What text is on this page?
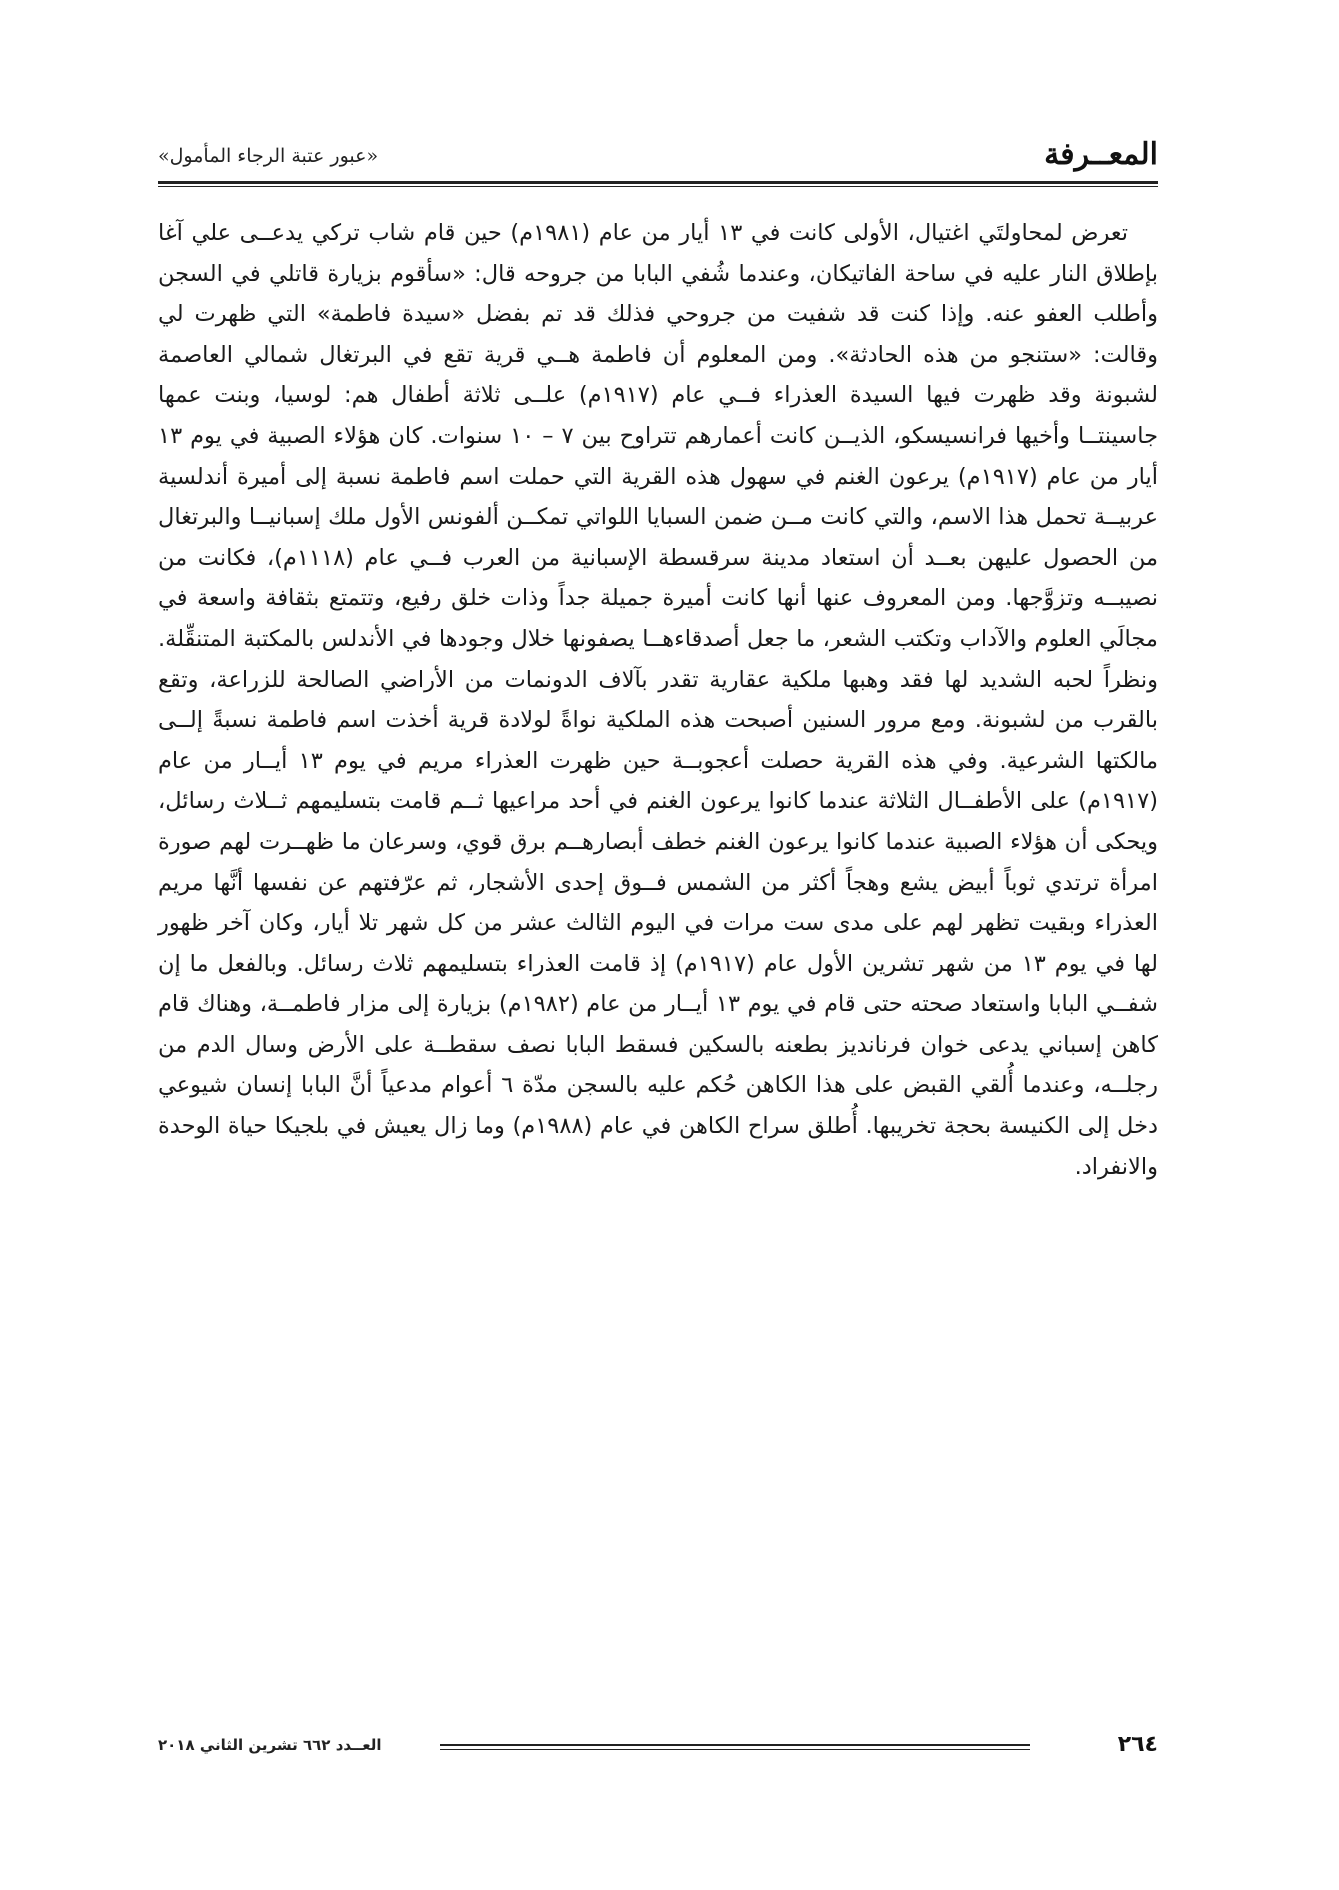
المعــرفة
«عبور عتبة الرجاء المأمول»

تعرض لمحاولتَي اغتيال، الأولى كانت في ١٣ أيار من عام (١٩٨١م) حين قام شاب تركي يدعــى علي آغا بإطلاق النار عليه في ساحة الفاتيكان، وعندما شُفي البابا من جروحه قال: «سأقوم بزيارة قاتلي في السجن وأطلب العفو عنه. وإذا كنت قد شفيت من جروحي فذلك قد تم بفضل «سيدة فاطمة» التي ظهرت لي وقالت: «ستنجو من هذه الحادثة». ومن المعلوم أن فاطمة هــي قرية تقع في البرتغال شمالي العاصمة لشبونة وقد ظهرت فيها السيدة العذراء فــي عام (١٩١٧م) علــى ثلاثة أطفال هم: لوسيا، وبنت عمها جاسينتــا وأخيها فرانسيسكو، الذيــن كانت أعمارهم تتراوح بين ٧ – ١٠ سنوات. كان هؤلاء الصبية في يوم ١٣ أيار من عام (١٩١٧م) يرعون الغنم في سهول هذه القرية التي حملت اسم فاطمة نسبة إلى أميرة أندلسية عربيــة تحمل هذا الاسم، والتي كانت مــن ضمن السبايا اللواتي تمكــن ألفونس الأول ملك إسبانيــا والبرتغال من الحصول عليهن بعــد أن استعاد مدينة سرقسطة الإسبانية من العرب فــي عام (١١١٨م)، فكانت من نصيبــه وتزوَّجها. ومن المعروف عنها أنها كانت أميرة جميلة جداً وذات خلق رفيع، وتتمتع بثقافة واسعة في مجالَي العلوم والآداب وتكتب الشعر، ما جعل أصدقاءهــا يصفونها خلال وجودها في الأندلس بالمكتبة المتنقِّلة. ونظراً لحبه الشديد لها فقد وهبها ملكية عقارية تقدر بآلاف الدونمات من الأراضي الصالحة للزراعة، وتقع بالقرب من لشبونة. ومع مرور السنين أصبحت هذه الملكية نواةً لولادة قرية أخذت اسم فاطمة نسبةً إلــى مالكتها الشرعية. وفي هذه القرية حصلت أعجوبــة حين ظهرت العذراء مريم في يوم ١٣ أيــار من عام (١٩١٧م) على الأطفــال الثلاثة عندما كانوا يرعون الغنم في أحد مراعيها ثــم قامت بتسليمهم ثــلاث رسائل، ويحكى أن هؤلاء الصبية عندما كانوا يرعون الغنم خطف أبصارهــم برق قوي، وسرعان ما ظهــرت لهم صورة امرأة ترتدي ثوباً أبيض يشع وهجاً أكثر من الشمس فــوق إحدى الأشجار، ثم عرّفتهم عن نفسها أنَّها مريم العذراء وبقيت تظهر لهم على مدى ست مرات في اليوم الثالث عشر من كل شهر تلا أيار، وكان آخر ظهور لها في يوم ١٣ من شهر تشرين الأول عام (١٩١٧م) إذ قامت العذراء بتسليمهم ثلاث رسائل. وبالفعل ما إن شفــي البابا واستعاد صحته حتى قام في يوم ١٣ أيــار من عام (١٩٨٢م) بزيارة إلى مزار فاطمــة، وهناك قام كاهن إسباني يدعى خوان فرنانديز بطعنه بالسكين فسقط البابا نصف سقطــة على الأرض وسال الدم من رجلــه، وعندما أُلقي القبض على هذا الكاهن حُكم عليه بالسجن مدّة ٦ أعوام مدعياً أنَّ البابا إنسان شيوعي دخل إلى الكنيسة بحجة تخريبها. أُطلق سراح الكاهن في عام (١٩٨٨م) وما زال يعيش في بلجيكا حياة الوحدة والانفراد.

٢٦٤
العــدد ٦٦٢ تشرين الثاني ٢٠١٨
